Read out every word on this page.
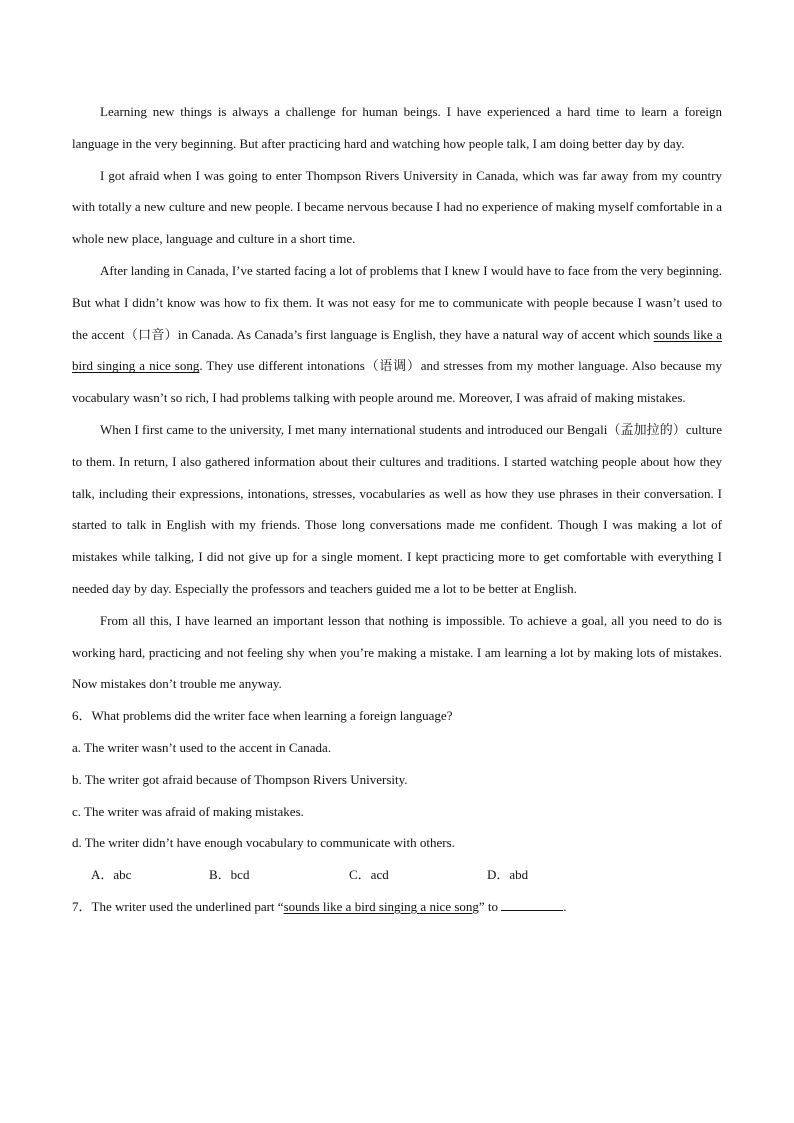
Learning new things is always a challenge for human beings. I have experienced a hard time to learn a foreign language in the very beginning. But after practicing hard and watching how people talk, I am doing better day by day.

I got afraid when I was going to enter Thompson Rivers University in Canada, which was far away from my country with totally a new culture and new people. I became nervous because I had no experience of making myself comfortable in a whole new place, language and culture in a short time.

After landing in Canada, I’ve started facing a lot of problems that I knew I would have to face from the very beginning. But what I didn’t know was how to fix them. It was not easy for me to communicate with people because I wasn’t used to the accent（口音）in Canada. As Canada’s first language is English, they have a natural way of accent which sounds like a bird singing a nice song. They use different intonations（语调）and stresses from my mother language. Also because my vocabulary wasn’t so rich, I had problems talking with people around me. Moreover, I was afraid of making mistakes.

When I first came to the university, I met many international students and introduced our Bengali（孟加拉的）culture to them. In return, I also gathered information about their cultures and traditions. I started watching people about how they talk, including their expressions, intonations, stresses, vocabularies as well as how they use phrases in their conversation. I started to talk in English with my friends. Those long conversations made me confident. Though I was making a lot of mistakes while talking, I did not give up for a single moment. I kept practicing more to get comfortable with everything I needed day by day. Especially the professors and teachers guided me a lot to be better at English.

From all this, I have learned an important lesson that nothing is impossible. To achieve a goal, all you need to do is working hard, practicing and not feeling shy when you’re making a mistake. I am learning a lot by making lots of mistakes. Now mistakes don’t trouble me anyway.

6．What problems did the writer face when learning a foreign language?

a. The writer wasn’t used to the accent in Canada.

b. The writer got afraid because of Thompson Rivers University.

c. The writer was afraid of making mistakes.

d. The writer didn’t have enough vocabulary to communicate with others.

A．abc	B．bcd	C．acd	D．abd

7．The writer used the underlined part “sounds like a bird singing a nice song” to	.
